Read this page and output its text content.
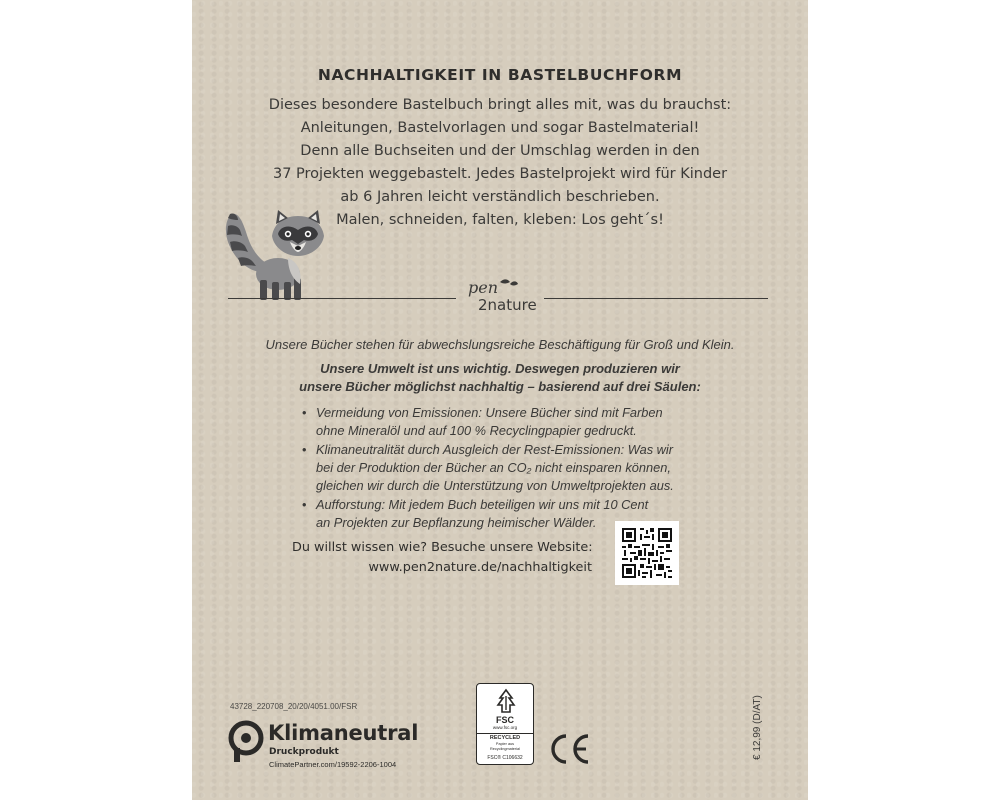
NACHHALTIGKEIT IN BASTELBUCHFORM
Dieses besondere Bastelbuch bringt alles mit, was du brauchst:
Anleitungen, Bastelvorlagen und sogar Bastelmaterial!
Denn alle Buchseiten und der Umschlag werden in den
37 Projekten weggebastelt. Jedes Bastelprojekt wird für Kinder
ab 6 Jahren leicht verständlich beschrieben.
Malen, schneiden, falten, kleben: Los geht´s!
pen
2nature
Unsere Bücher stehen für abwechslungsreiche Beschäftigung für Groß und Klein.
Unsere Umwelt ist uns wichtig. Deswegen produzieren wir
unsere Bücher möglichst nachhaltig – basierend auf drei Säulen:
• Vermeidung von Emissionen: Unsere Bücher sind mit Farben
ohne Mineralöl und auf 100 % Recyclingpapier gedruckt.
• Klimaneutralität durch Ausgleich der Rest-Emissionen: Was wir
bei der Produktion der Bücher an CO₂ nicht einsparen können,
gleichen wir durch die Unterstützung von Umweltprojekten aus.
• Aufforstung: Mit jedem Buch beteiligen wir uns mit 10 Cent
an Projekten zur Bepflanzung heimischer Wälder.
Du willst wissen wie? Besuche unsere Website:
www.pen2nature.de/nachhaltigkeit
43728_220708_20/20/4051.00/FSR
Klimaneutral
Druckprodukt
ClimatePartner.com/19592-2206-1004
FSC
www.fsc.org
RECYCLED
Papier aus
Recyclingmaterial
FSC® C106632	€ 12,99 (D/AT)
